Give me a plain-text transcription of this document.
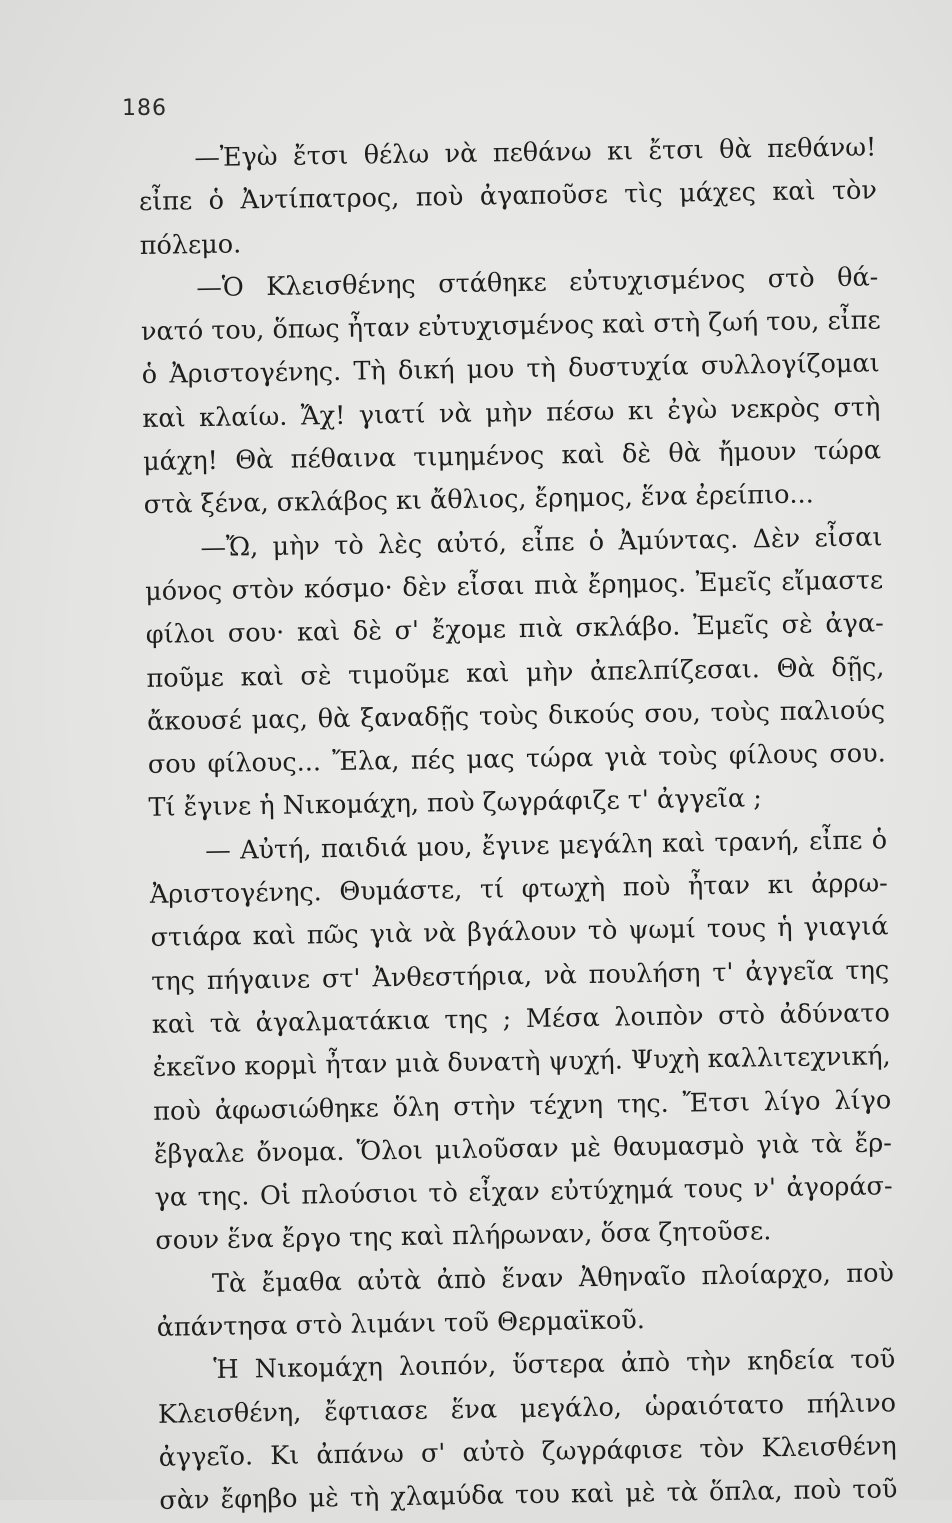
186
—Ἐγὼ ἔτσι θέλω νὰ πεθάνω κι ἔτσι θὰ πεθάνω!
εἶπε ὁ Ἀντίπατρος, ποὺ ἀγαποῦσε τὶς μάχες καὶ τὸν
πόλεμο.
—Ὁ Κλεισθένης στάθηκε εὐτυχισμένος στὸ θά-
νατό του, ὅπως ἦταν εὐτυχισμένος καὶ στὴ ζωή του, εἶπε
ὁ Ἀριστογένης. Τὴ δική μου τὴ δυστυχία συλλογίζομαι
καὶ κλαίω. Ἄχ! γιατί νὰ μὴν πέσω κι ἐγὼ νεκρὸς στὴ
μάχη! Θὰ πέθαινα τιμημένος καὶ δὲ θὰ ἤμουν τώρα
στὰ ξένα, σκλάβος κι ἄθλιος, ἔρημος, ἕνα ἐρείπιο...
—Ὤ, μὴν τὸ λὲς αὐτό, εἶπε ὁ Ἀμύντας. Δὲν εἶσαι
μόνος στὸν κόσμο· δὲν εἶσαι πιὰ ἔρημος. Ἐμεῖς εἴμαστε
φίλοι σου· καὶ δὲ σ' ἔχομε πιὰ σκλάβο. Ἐμεῖς σὲ ἀγα-
ποῦμε καὶ σὲ τιμοῦμε καὶ μὴν ἀπελπίζεσαι. Θὰ δῇς,
ἄκουσέ μας, θὰ ξαναδῇς τοὺς δικούς σου, τοὺς παλιούς
σου φίλους... Ἔλα, πές μας τώρα γιὰ τοὺς φίλους σου.
Τί ἔγινε ἡ Νικομάχη, ποὺ ζωγράφιζε τ' ἀγγεῖα ;
— Αὐτή, παιδιά μου, ἔγινε μεγάλη καὶ τρανή, εἶπε ὁ
Ἀριστογένης. Θυμάστε, τί φτωχὴ ποὺ ἦταν κι ἀρρω-
στιάρα καὶ πῶς γιὰ νὰ βγάλουν τὸ ψωμί τους ἡ γιαγιά
της πήγαινε στ' Ἀνθεστήρια, νὰ πουλήση τ' ἀγγεῖα της
καὶ τὰ ἀγαλματάκια της ; Μέσα λοιπὸν στὸ ἀδύνατο
ἐκεῖνο κορμὶ ἦταν μιὰ δυνατὴ ψυχή. Ψυχὴ καλλιτεχνική,
ποὺ ἀφωσιώθηκε ὅλη στὴν τέχνη της. Ἔτσι λίγο λίγο
ἔβγαλε ὄνομα. Ὅλοι μιλοῦσαν μὲ θαυμασμὸ γιὰ τὰ ἔρ-
γα της. Οἱ πλούσιοι τὸ εἶχαν εὐτύχημά τους ν' ἀγοράσ-
σουν ἕνα ἔργο της καὶ πλήρωναν, ὅσα ζητοῦσε.
Τὰ ἔμαθα αὐτὰ ἀπὸ ἕναν Ἀθηναῖο πλοίαρχο, ποὺ
ἀπάντησα στὸ λιμάνι τοῦ Θερμαϊκοῦ.
Ἡ Νικομάχη λοιπόν, ὕστερα ἀπὸ τὴν κηδεία τοῦ
Κλεισθένη, ἔφτιασε ἕνα μεγάλο, ὡραιότατο πήλινο
ἀγγεῖο. Κι ἀπάνω σ' αὐτὸ ζωγράφισε τὸν Κλεισθένη
σὰν ἔφηβο μὲ τὴ χλαμύδα του καὶ μὲ τὰ ὅπλα, ποὺ τοῦ
